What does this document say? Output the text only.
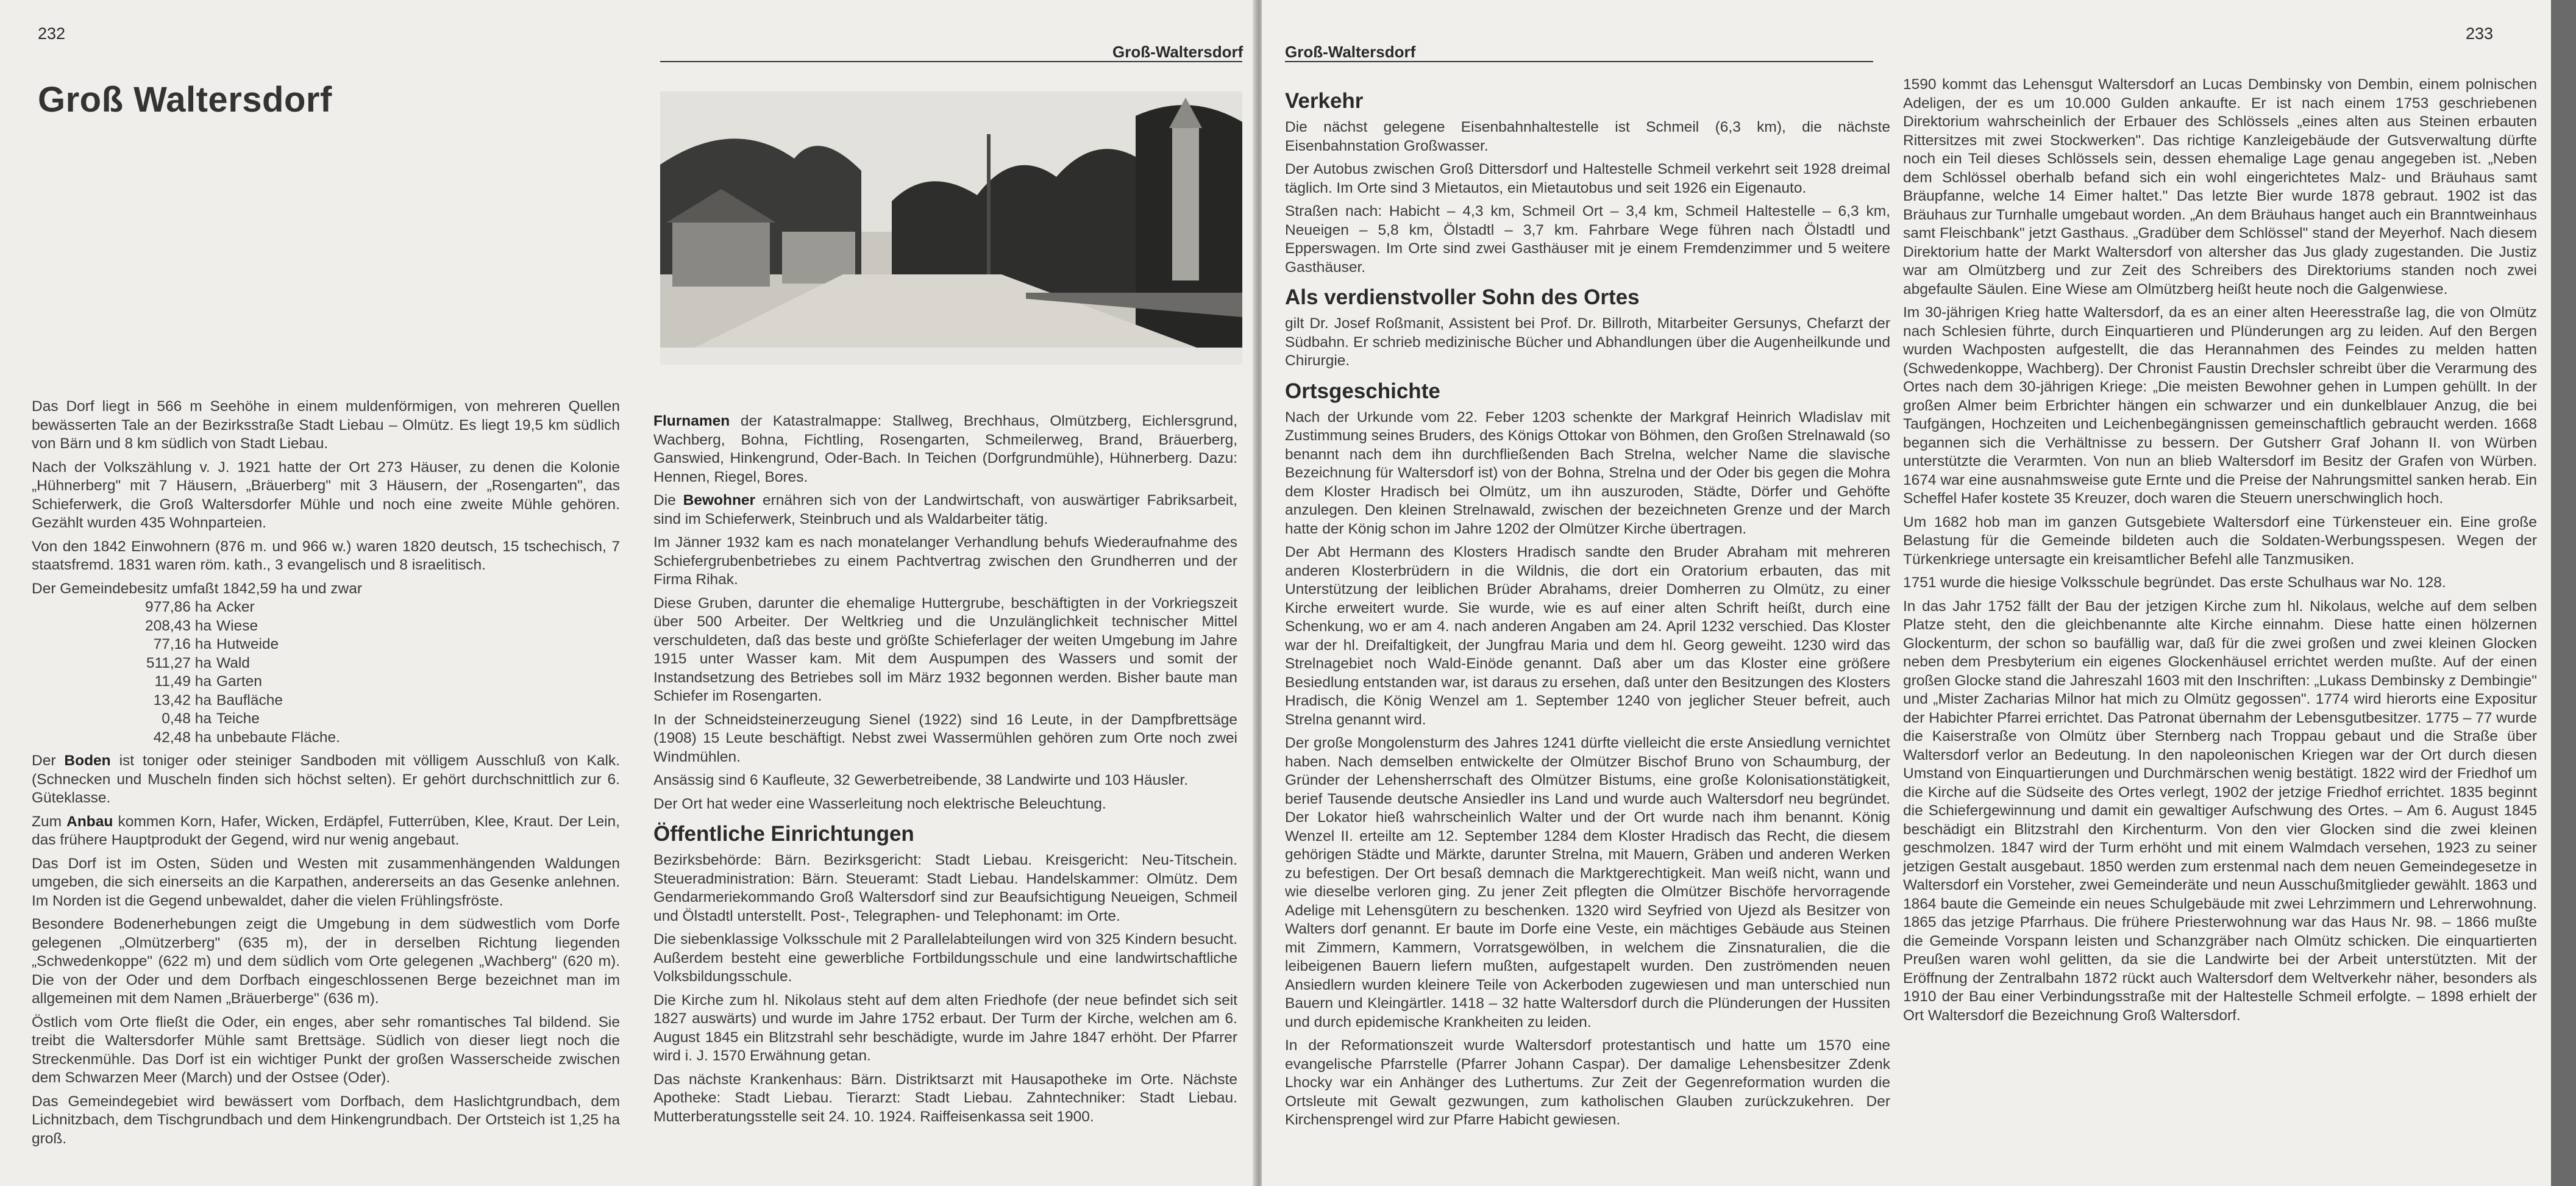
232
Groß-Waltersdorf
Groß Waltersdorf

Das Dorf liegt in 566 m Seehöhe in einem muldenförmigen, von mehreren Quellen bewässerten Tale an der Bezirksstraße Stadt Liebau – Olmütz. Es liegt 19,5 km südlich von Bärn und 8 km südlich von Stadt Liebau.

Nach der Volkszählung v. J. 1921 hatte der Ort 273 Häuser, zu denen die Kolonie „Hühnerberg" mit 7 Häusern, „Bräuerberg" mit 3 Häusern, der „Rosengarten", das Schieferwerk, die Groß Waltersdorfer Mühle und noch eine zweite Mühle gehören. Gezählt wurden 435 Wohnparteien.

Von den 1842 Einwohnern (876 m. und 966 w.) waren 1820 deutsch, 15 tschechisch, 7 staatsfremd. 1831 waren röm. kath., 3 evangelisch und 8 israelitisch.

Der Gemeindebesitz umfaßt 1842,59 ha und zwar

977,86 ha	Acker
208,43 ha	Wiese
77,16 ha	Hutweide
511,27 ha	Wald
11,49 ha	Garten
13,42 ha	Baufläche
0,48 ha	Teiche
42,48 ha	unbebaute Fläche.

Der Boden ist toniger oder steiniger Sandboden mit völligem Ausschluß von Kalk. (Schnecken und Muscheln finden sich höchst selten). Er gehört durchschnittlich zur 6. Güteklasse.

Zum Anbau kommen Korn, Hafer, Wicken, Erdäpfel, Futterrüben, Klee, Kraut. Der Lein, das frühere Hauptprodukt der Gegend, wird nur wenig angebaut.

Das Dorf ist im Osten, Süden und Westen mit zusammenhängenden Waldungen umgeben, die sich einerseits an die Karpathen, andererseits an das Gesenke anlehnen. Im Norden ist die Gegend unbewaldet, daher die vielen Frühlingsfröste.

Besondere Bodenerhebungen zeigt die Umgebung in dem südwestlich vom Dorfe gelegenen „Olmützerberg" (635 m), der in derselben Richtung liegenden „Schwedenkoppe" (622 m) und dem südlich vom Orte gelegenen „Wachberg" (620 m). Die von der Oder und dem Dorfbach eingeschlossenen Berge bezeichnet man im allgemeinen mit dem Namen „Bräuerberge" (636 m).

Östlich vom Orte fließt die Oder, ein enges, aber sehr romantisches Tal bildend. Sie treibt die Waltersdorfer Mühle samt Brettsäge. Südlich von dieser liegt noch die Streckenmühle. Das Dorf ist ein wichtiger Punkt der großen Wasserscheide zwischen dem Schwarzen Meer (March) und der Ostsee (Oder).

Das Gemeindegebiet wird bewässert vom Dorfbach, dem Haslichtgrundbach, dem Lichnitzbach, dem Tischgrundbach und dem Hinkengrundbach. Der Ortsteich ist 1,25 ha groß.

Flurnamen der Katastralmappe: Stallweg, Brechhaus, Olmützberg, Eichlersgrund, Wachberg, Bohna, Fichtling, Rosengarten, Schmeilerweg, Brand, Bräuerberg, Ganswied, Hinkengrund, Oder-Bach. In Teichen (Dorfgrundmühle), Hühnerberg. Dazu: Hennen, Riegel, Bores.

Die Bewohner ernähren sich von der Landwirtschaft, von auswärtiger Fabriksarbeit, sind im Schieferwerk, Steinbruch und als Waldarbeiter tätig.

Im Jänner 1932 kam es nach monatelanger Verhandlung behufs Wiederaufnahme des Schiefergrubenbetriebes zu einem Pachtvertrag zwischen den Grundherren und der Firma Rihak.

Diese Gruben, darunter die ehemalige Huttergrube, beschäftigten in der Vorkriegszeit über 500 Arbeiter. Der Weltkrieg und die Unzulänglichkeit technischer Mittel verschuldeten, daß das beste und größte Schieferlager der weiten Umgebung im Jahre 1915 unter Wasser kam. Mit dem Auspumpen des Wassers und somit der Instandsetzung des Betriebes soll im März 1932 begonnen werden. Bisher baute man Schiefer im Rosengarten.

In der Schneidsteinerzeugung Sienel (1922) sind 16 Leute, in der Dampfbrettsäge (1908) 15 Leute beschäftigt. Nebst zwei Wassermühlen gehören zum Orte noch zwei Windmühlen.

Ansässig sind 6 Kaufleute, 32 Gewerbetreibende, 38 Landwirte und 103 Häusler.

Der Ort hat weder eine Wasserleitung noch elektrische Beleuchtung.

Öffentliche Einrichtungen

Bezirksbehörde: Bärn. Bezirksgericht: Stadt Liebau. Kreisgericht: Neu-Titschein. Steueradministration: Bärn. Steueramt: Stadt Liebau. Handelskammer: Olmütz. Dem Gendarmeriekommando Groß Waltersdorf sind zur Beaufsichtigung Neueigen, Schmeil und Ölstadtl unterstellt. Post-, Telegraphen- und Telephonamt: im Orte.

Die siebenklassige Volksschule mit 2 Parallelabteilungen wird von 325 Kindern besucht. Außerdem besteht eine gewerbliche Fortbildungsschule und eine landwirtschaftliche Volksbildungsschule.

Die Kirche zum hl. Nikolaus steht auf dem alten Friedhofe (der neue befindet sich seit 1827 auswärts) und wurde im Jahre 1752 erbaut. Der Turm der Kirche, welchen am 6. August 1845 ein Blitzstrahl sehr beschädigte, wurde im Jahre 1847 erhöht. Der Pfarrer wird i. J. 1570 Erwähnung getan.

Das nächste Krankenhaus: Bärn. Distriktsarzt mit Hausapotheke im Orte. Nächste Apotheke: Stadt Liebau. Tierarzt: Stadt Liebau. Zahntechniker: Stadt Liebau. Mutterberatungsstelle seit 24. 10. 1924. Raiffeisenkassa seit 1900.

Groß-Waltersdorf
233
Verkehr

Die nächst gelegene Eisenbahnhaltestelle ist Schmeil (6,3 km), die nächste Eisenbahnstation Großwasser.

Der Autobus zwischen Groß Dittersdorf und Haltestelle Schmeil verkehrt seit 1928 dreimal täglich. Im Orte sind 3 Mietautos, ein Mietautobus und seit 1926 ein Eigenauto.

Straßen nach: Habicht – 4,3 km, Schmeil Ort – 3,4 km, Schmeil Haltestelle – 6,3 km, Neueigen – 5,8 km, Ölstadtl – 3,7 km. Fahrbare Wege führen nach Ölstadtl und Epperswagen. Im Orte sind zwei Gasthäuser mit je einem Fremdenzimmer und 5 weitere Gasthäuser.

Als verdienstvoller Sohn des Ortes

gilt Dr. Josef Roßmanit, Assistent bei Prof. Dr. Billroth, Mitarbeiter Gersunys, Chefarzt der Südbahn. Er schrieb medizinische Bücher und Abhandlungen über die Augenheilkunde und Chirurgie.

Ortsgeschichte

Nach der Urkunde vom 22. Feber 1203 schenkte der Markgraf Heinrich Wladislav mit Zustimmung seines Bruders, des Königs Ottokar von Böhmen, den Großen Strelnawald (so benannt nach dem ihn durchfließenden Bach Strelna, welcher Name die slavische Bezeichnung für Waltersdorf ist) von der Bohna, Strelna und der Oder bis gegen die Mohra dem Kloster Hradisch bei Olmütz, um ihn auszuroden, Städte, Dörfer und Gehöfte anzulegen. Den kleinen Strelnawald, zwischen der bezeichneten Grenze und der March hatte der König schon im Jahre 1202 der Olmützer Kirche übertragen.

Der Abt Hermann des Klosters Hradisch sandte den Bruder Abraham mit mehreren anderen Klosterbrüdern in die Wildnis, die dort ein Oratorium erbauten, das mit Unterstützung der leiblichen Brüder Abrahams, dreier Domherren zu Olmütz, zu einer Kirche erweitert wurde. Sie wurde, wie es auf einer alten Schrift heißt, durch eine Schenkung, wo er am 4. nach anderen Angaben am 24. April 1232 verschied. Das Kloster war der hl. Dreifaltigkeit, der Jungfrau Maria und dem hl. Georg geweiht. 1230 wird das Strelnagebiet noch Wald-Einöde genannt. Daß aber um das Kloster eine größere Besiedlung entstanden war, ist daraus zu ersehen, daß unter den Besitzungen des Klosters Hradisch, die König Wenzel am 1. September 1240 von jeglicher Steuer befreit, auch Strelna genannt wird.

Der große Mongolensturm des Jahres 1241 dürfte vielleicht die erste Ansiedlung vernichtet haben. Nach demselben entwickelte der Olmützer Bischof Bruno von Schaumburg, der Gründer der Lehensherrschaft des Olmützer Bistums, eine große Kolonisationstätigkeit, berief Tausende deutsche Ansiedler ins Land und wurde auch Waltersdorf neu begründet. Der Lokator hieß wahrscheinlich Walter und der Ort wurde nach ihm benannt. König Wenzel II. erteilte am 12. September 1284 dem Kloster Hradisch das Recht, die diesem gehörigen Städte und Märkte, darunter Strelna, mit Mauern, Gräben und anderen Werken zu befestigen. Der Ort besaß demnach die Marktgerechtigkeit. Man weiß nicht, wann und wie dieselbe verloren ging. Zu jener Zeit pflegten die Olmützer Bischöfe hervorragende Adelige mit Lehensgütern zu beschenken. 1320 wird Seyfried von Ujezd als Besitzer von Walters dorf genannt. Er baute im Dorfe eine Veste, ein mächtiges Gebäude aus Steinen mit Zimmern, Kammern, Vorratsgewölben, in welchem die Zinsnaturalien, die die leibeigenen Bauern liefern mußten, aufgestapelt wurden. Den zuströmenden neuen Ansiedlern wurden kleinere Teile von Ackerboden zugewiesen und man unterschied nun Bauern und Kleingärtler. 1418 – 32 hatte Waltersdorf durch die Plünderungen der Hussiten und durch epidemische Krankheiten zu leiden.

In der Reformationszeit wurde Waltersdorf protestantisch und hatte um 1570 eine evangelische Pfarrstelle (Pfarrer Johann Caspar). Der damalige Lehensbesitzer Zdenk Lhocky war ein Anhänger des Luthertums. Zur Zeit der Gegenreformation wurden die Ortsleute mit Gewalt gezwungen, zum katholischen Glauben zurückzukehren. Der Kirchensprengel wird zur Pfarre Habicht gewiesen.

1590 kommt das Lehensgut Waltersdorf an Lucas Dembinsky von Dembin, einem polnischen Adeligen, der es um 10.000 Gulden ankaufte. Er ist nach einem 1753 geschriebenen Direktorium wahrscheinlich der Erbauer des Schlössels „eines alten aus Steinen erbauten Rittersitzes mit zwei Stockwerken". Das richtige Kanzleigebäude der Gutsverwaltung dürfte noch ein Teil dieses Schlössels sein, dessen ehemalige Lage genau angegeben ist. „Neben dem Schlössel oberhalb befand sich ein wohl eingerichtetes Malz- und Bräuhaus samt Bräupfanne, welche 14 Eimer haltet." Das letzte Bier wurde 1878 gebraut. 1902 ist das Bräuhaus zur Turnhalle umgebaut worden. „An dem Bräuhaus hanget auch ein Branntweinhaus samt Fleischbank" jetzt Gasthaus. „Gradüber dem Schlössel" stand der Meyerhof. Nach diesem Direktorium hatte der Markt Waltersdorf von altersher das Jus glady zugestanden. Die Justiz war am Olmützberg und zur Zeit des Schreibers des Direktoriums standen noch zwei abgefaulte Säulen. Eine Wiese am Olmützberg heißt heute noch die Galgenwiese.

Im 30-jährigen Krieg hatte Waltersdorf, da es an einer alten Heeresstraße lag, die von Olmütz nach Schlesien führte, durch Einquartieren und Plünderungen arg zu leiden. Auf den Bergen wurden Wachposten aufgestellt, die das Herannahmen des Feindes zu melden hatten (Schwedenkoppe, Wachberg). Der Chronist Faustin Drechsler schreibt über die Verarmung des Ortes nach dem 30-jährigen Kriege: „Die meisten Bewohner gehen in Lumpen gehüllt. In der großen Almer beim Erbrichter hängen ein schwarzer und ein dunkelblauer Anzug, die bei Taufgängen, Hochzeiten und Leichenbegängnissen gemeinschaftlich gebraucht werden. 1668 begannen sich die Verhältnisse zu bessern. Der Gutsherr Graf Johann II. von Würben unterstützte die Verarmten. Von nun an blieb Waltersdorf im Besitz der Grafen von Würben. 1674 war eine ausnahmsweise gute Ernte und die Preise der Nahrungsmittel sanken herab. Ein Scheffel Hafer kostete 35 Kreuzer, doch waren die Steuern unerschwinglich hoch.

Um 1682 hob man im ganzen Gutsgebiete Waltersdorf eine Türkensteuer ein. Eine große Belastung für die Gemeinde bildeten auch die Soldaten-Werbungsspesen. Wegen der Türkenkriege untersagte ein kreisamtlicher Befehl alle Tanzmusiken.

1751 wurde die hiesige Volksschule begründet. Das erste Schulhaus war No. 128.

In das Jahr 1752 fällt der Bau der jetzigen Kirche zum hl. Nikolaus, welche auf dem selben Platze steht, den die gleichbenannte alte Kirche einnahm. Diese hatte einen hölzernen Glockenturm, der schon so baufällig war, daß für die zwei großen und zwei kleinen Glocken neben dem Presbyterium ein eigenes Glockenhäusel errichtet werden mußte. Auf der einen großen Glocke stand die Jahreszahl 1603 mit den Inschriften: „Lukass Dembinsky z Dembingie" und „Mister Zacharias Milnor hat mich zu Olmütz gegossen". 1774 wird hierorts eine Expositur der Habichter Pfarrei errichtet. Das Patronat übernahm der Lebensgutbesitzer. 1775 – 77 wurde die Kaiserstraße von Olmütz über Sternberg nach Troppau gebaut und die Straße über Waltersdorf verlor an Bedeutung. In den napoleonischen Kriegen war der Ort durch diesen Umstand von Einquartierungen und Durchmärschen wenig bestätigt. 1822 wird der Friedhof um die Kirche auf die Südseite des Ortes verlegt, 1902 der jetzige Friedhof errichtet. 1835 beginnt die Schiefergewinnung und damit ein gewaltiger Aufschwung des Ortes. – Am 6. August 1845 beschädigt ein Blitzstrahl den Kirchenturm. Von den vier Glocken sind die zwei kleinen geschmolzen. 1847 wird der Turm erhöht und mit einem Walmdach versehen, 1923 zu seiner jetzigen Gestalt ausgebaut. 1850 werden zum erstenmal nach dem neuen Gemeindegesetze in Waltersdorf ein Vorsteher, zwei Gemeinderäte und neun Ausschußmitglieder gewählt. 1863 und 1864 baute die Gemeinde ein neues Schulgebäude mit zwei Lehrzimmern und Lehrerwohnung. 1865 das jetzige Pfarrhaus. Die frühere Priesterwohnung war das Haus Nr. 98. – 1866 mußte die Gemeinde Vorspann leisten und Schanzgräber nach Olmütz schicken. Die einquartierten Preußen waren wohl gelitten, da sie die Landwirte bei der Arbeit unterstützten. Mit der Eröffnung der Zentralbahn 1872 rückt auch Waltersdorf dem Weltverkehr näher, besonders als 1910 der Bau einer Verbindungsstraße mit der Haltestelle Schmeil erfolgte. – 1898 erhielt der Ort Waltersdorf die Bezeichnung Groß Waltersdorf.
